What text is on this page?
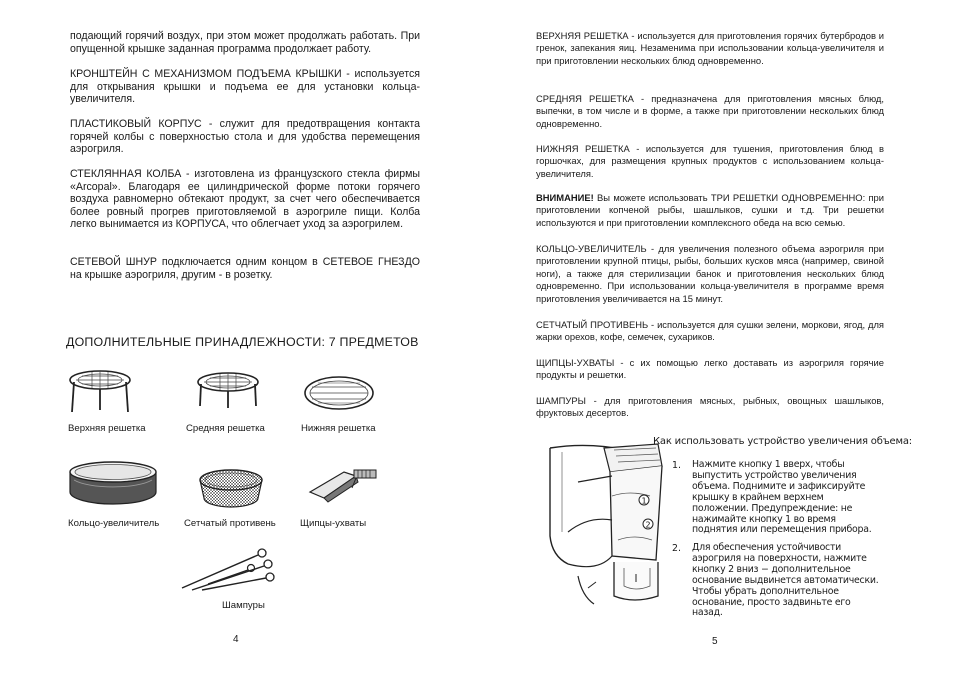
подающий горячий воздух, при этом может продолжать работать. При опущенной крышке заданная программа продолжает работу.

КРОНШТЕЙН С МЕХАНИЗМОМ ПОДЪЕМА КРЫШКИ - используется для открывания крышки и подъема ее для установки кольца-увеличителя.

ПЛАСТИКОВЫЙ КОРПУС - служит для предотвращения контакта горячей колбы с поверхностью стола и для удобства перемещения аэрогриля.

СТЕКЛЯННАЯ КОЛБА - изготовлена из французского стекла фирмы «Arcopal». Благодаря ее цилиндрической форме потоки горячего воздуха равномерно обтекают продукт, за счет чего обеспечивается более ровный прогрев приготовляемой в аэрогриле пищи. Колба легко вынимается из КОРПУСА, что облегчает уход за аэрогрилем.

СЕТЕВОЙ ШНУР подключается одним концом в СЕТЕВОЕ ГНЕЗДО на крышке аэрогриля, другим - в розетку.

ДОПОЛНИТЕЛЬНЫЕ ПРИНАДЛЕЖНОСТИ: 7 ПРЕДМЕТОВ
Верхняя решетка	Средняя решетка	Нижняя решетка
Кольцо-увеличитель	Сетчатый противень	Щипцы-ухваты
Шампуры
4

ВЕРХНЯЯ РЕШЕТКА - используется для приготовления горячих бутербродов и гренок, запекания яиц. Незаменима при использовании кольца-увеличителя и при приготовлении нескольких блюд одновременно.

СРЕДНЯЯ РЕШЕТКА - предназначена для приготовления мясных блюд, выпечки, в том числе и в форме, а также при приготовлении нескольких блюд одновременно.

НИЖНЯЯ РЕШЕТКА - используется для тушения, приготовления блюд в горшочках, для размещения крупных продуктов с использованием кольца-увеличителя.

ВНИМАНИЕ! Вы можете использовать ТРИ РЕШЕТКИ ОДНОВРЕМЕННО: при приготовлении копченой рыбы, шашлыков, сушки и т.д. Три решетки используются и при приготовлении комплексного обеда на всю семью.

КОЛЬЦО-УВЕЛИЧИТЕЛЬ - для увеличения полезного объема аэрогриля при приготовлении крупной птицы, рыбы, больших кусков мяса (например, свиной ноги), а также для стерилизации банок и приготовления нескольких блюд одновременно. При использовании кольца-увеличителя в программе время приготовления увеличивается на 15 минут.

СЕТЧАТЫЙ ПРОТИВЕНЬ - используется для сушки зелени, моркови, ягод, для жарки орехов, кофе, семечек, сухариков.

ЩИПЦЫ-УХВАТЫ - с их помощью легко доставать из аэрогриля горячие продукты и решетки.

ШАМПУРЫ - для приготовления мясных, рыбных, овощных шашлыков, фруктовых десертов.

1
2
Как использовать устройство увеличения объема:
1. Нажмите кнопку 1 вверх, чтобы выпустить устройство увеличения объема. Поднимите и зафиксируйте крышку в крайнем верхнем положении. Предупреждение: не нажимайте кнопку 1 во время поднятия или перемещения прибора.
2. Для обеспечения устойчивости аэрогриля на поверхности, нажмите кнопку 2 вниз − дополнительное основание выдвинется автоматически. Чтобы убрать дополнительное основание, просто задвиньте его назад.
5
